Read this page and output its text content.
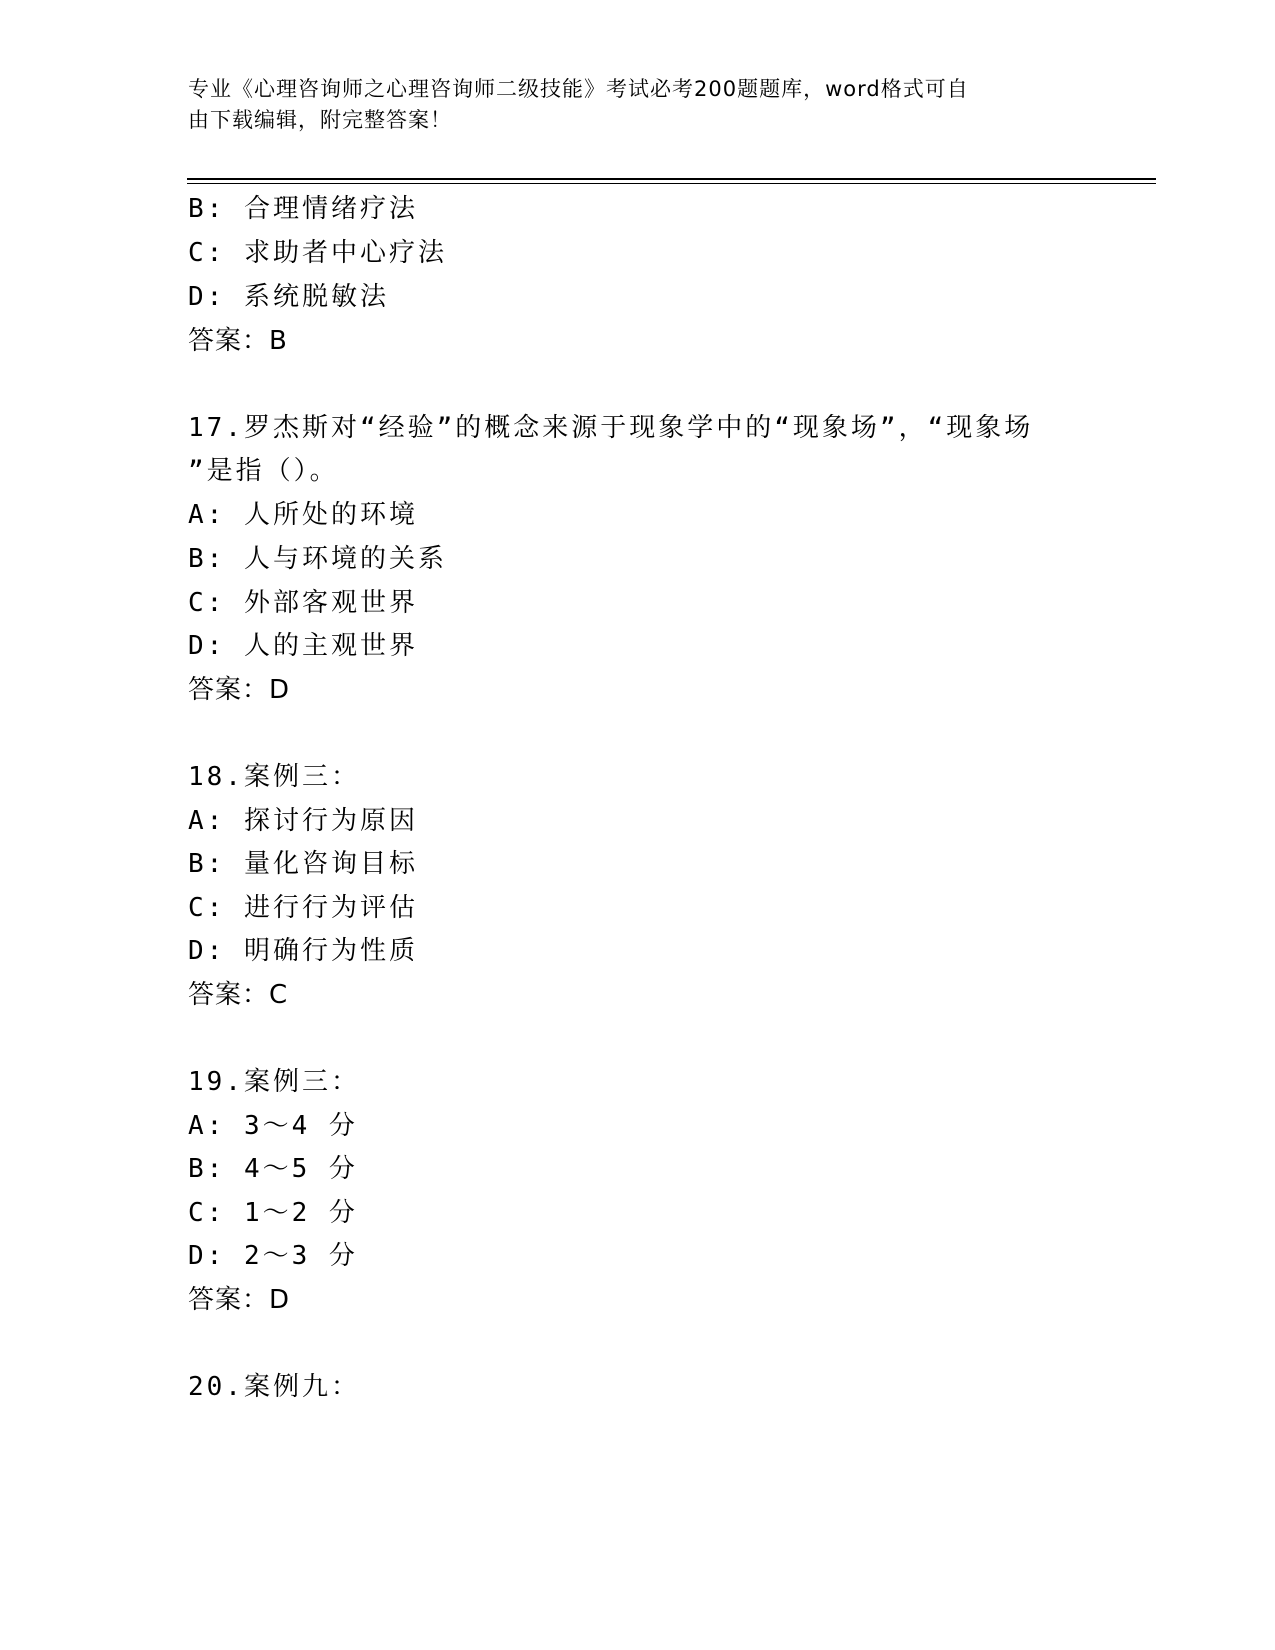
专业《心理咨询师之心理咨询师二级技能》考试必考200题题库，word格式可自
由下载编辑，附完整答案！
B: 合理情绪疗法
C: 求助者中心疗法
D: 系统脱敏法
答案：B
17.罗杰斯对“经验”的概念来源于现象学中的“现象场”，“现象场
”是指（）。
A: 人所处的环境
B: 人与环境的关系
C: 外部客观世界
D: 人的主观世界
答案：D
18.案例三：
A: 探讨行为原因
B: 量化咨询目标
C: 进行行为评估
D: 明确行为性质
答案：C
19.案例三：
A: 3～4 分
B: 4～5 分
C: 1～2 分
D: 2～3 分
答案：D
20.案例九：
